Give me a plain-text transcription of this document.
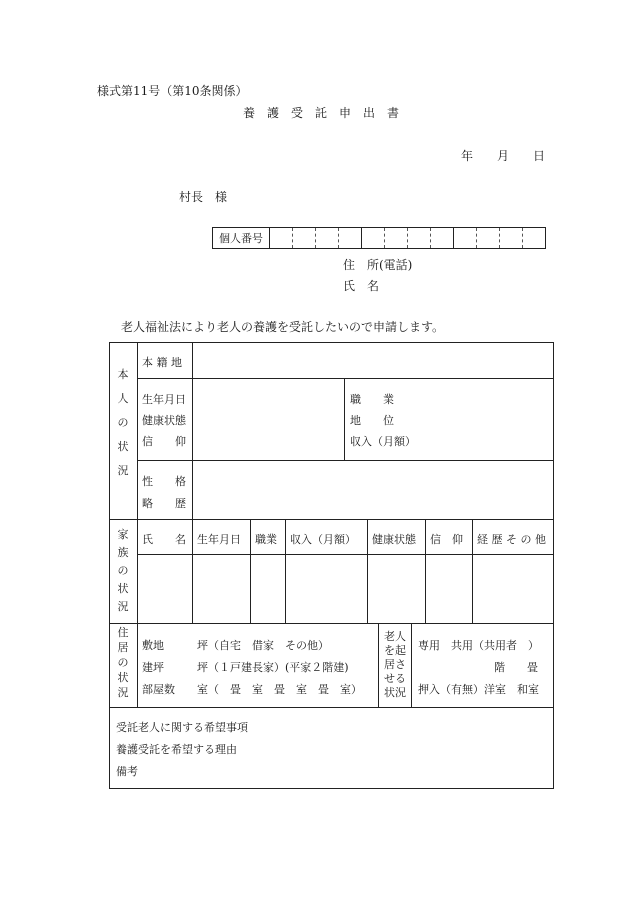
様式第11号（第10条関係）
養　護　受　託　申　出　書
年　　月　　日
村長　様
個人番号												
住　所(電話)
氏　名
老人福祉法により老人の養護を受託したいので申請します。
本
人
の
状
況
本 籍 地
生年月日
健康状態
信　　仰
職　　業
地　　位
収入（月額）
性　　格
略　　歴
家
族
の
状
況
氏　　名 生年月日 職業 収入（月額） 健康状態 信　仰 経 歴 そ の 他
住
居
の
状
況
敷地　　　坪（自宅　借家　その他）
建坪　　　坪（１戸建長家）(平家２階建)
部屋数　　室（　畳　室　畳　室　畳　室）
老人
を起
居さ
せる
状況
専用　共用（共用者　）
階　　畳
押入（有無）洋室　和室
受託老人に関する希望事項
養護受託を希望する理由
備考
